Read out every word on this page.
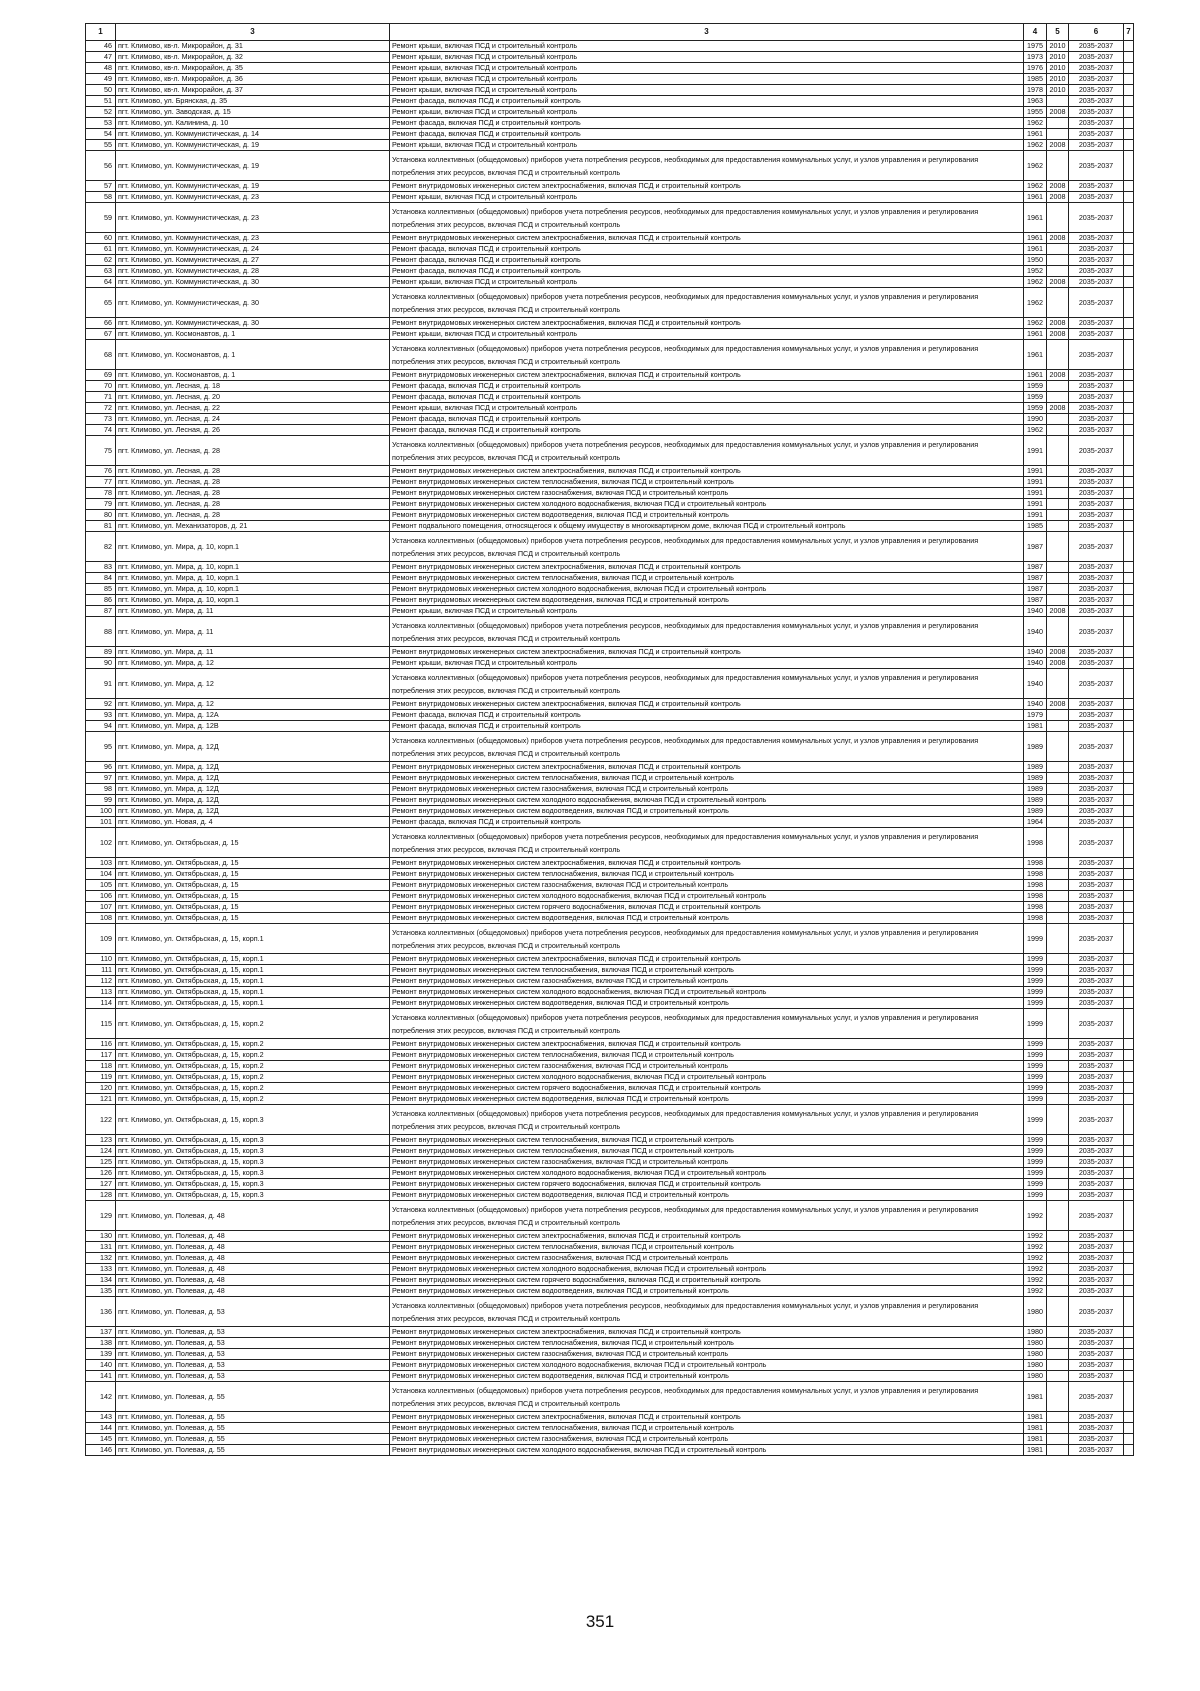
1	3	3	4	5	6	7
46	пгт. Климово, кв-л. Микрорайон, д. 31	Ремонт крыши, включая ПСД и строительный контроль	1975	2010	2035-2037	
47	пгт. Климово, кв-л. Микрорайон, д. 32	Ремонт крыши, включая ПСД и строительный контроль	1973	2010	2035-2037	
48	пгт. Климово, кв-л. Микрорайон, д. 35	Ремонт крыши, включая ПСД и строительный контроль	1976	2010	2035-2037	
49	пгт. Климово, кв-л. Микрорайон, д. 36	Ремонт крыши, включая ПСД и строительный контроль	1985	2010	2035-2037	
50	пгт. Климово, кв-л. Микрорайон, д. 37	Ремонт крыши, включая ПСД и строительный контроль	1978	2010	2035-2037	
51	пгт. Климово, ул. Брянская, д. 35	Ремонт фасада, включая ПСД и строительный контроль	1963		2035-2037	
52	пгт. Климово, ул. Заводская, д. 15	Ремонт крыши, включая ПСД и строительный контроль	1955	2008	2035-2037	
53	пгт. Климово, ул. Калинина, д. 10	Ремонт фасада, включая ПСД и строительный контроль	1962		2035-2037	
54	пгт. Климово, ул. Коммунистическая, д. 14	Ремонт фасада, включая ПСД и строительный контроль	1961		2035-2037	
55	пгт. Климово, ул. Коммунистическая, д. 19	Ремонт крыши, включая ПСД и строительный контроль	1962	2008	2035-2037	
56	пгт. Климово, ул. Коммунистическая, д. 19	Установка коллективных (общедомовых) приборов учета потребления ресурсов, необходимых для предоставления коммунальных услуг, и узлов управления и регулирования потребления этих ресурсов, включая ПСД и строительный контроль	1962		2035-2037	
57	пгт. Климово, ул. Коммунистическая, д. 19	Ремонт внутридомовых инженерных систем электроснабжения, включая ПСД и строительный контроль	1962	2008	2035-2037	
58	пгт. Климово, ул. Коммунистическая, д. 23	Ремонт крыши, включая ПСД и строительный контроль	1961	2008	2035-2037	
59	пгт. Климово, ул. Коммунистическая, д. 23	Установка коллективных (общедомовых) приборов учета потребления ресурсов, необходимых для предоставления коммунальных услуг, и узлов управления и регулирования потребления этих ресурсов, включая ПСД и строительный контроль	1961		2035-2037	
60	пгт. Климово, ул. Коммунистическая, д. 23	Ремонт внутридомовых инженерных систем электроснабжения, включая ПСД и строительный контроль	1961	2008	2035-2037	
61	пгт. Климово, ул. Коммунистическая, д. 24	Ремонт фасада, включая ПСД и строительный контроль	1961		2035-2037	
62	пгт. Климово, ул. Коммунистическая, д. 27	Ремонт фасада, включая ПСД и строительный контроль	1950		2035-2037	
63	пгт. Климово, ул. Коммунистическая, д. 28	Ремонт фасада, включая ПСД и строительный контроль	1952		2035-2037	
64	пгт. Климово, ул. Коммунистическая, д. 30	Ремонт крыши, включая ПСД и строительный контроль	1962	2008	2035-2037	
65	пгт. Климово, ул. Коммунистическая, д. 30	Установка коллективных (общедомовых) приборов учета потребления ресурсов, необходимых для предоставления коммунальных услуг, и узлов управления и регулирования потребления этих ресурсов, включая ПСД и строительный контроль	1962		2035-2037	
66	пгт. Климово, ул. Коммунистическая, д. 30	Ремонт внутридомовых инженерных систем электроснабжения, включая ПСД и строительный контроль	1962	2008	2035-2037	
67	пгт. Климово, ул. Космонавтов, д. 1	Ремонт крыши, включая ПСД и строительный контроль	1961	2008	2035-2037	
68	пгт. Климово, ул. Космонавтов, д. 1	Установка коллективных (общедомовых) приборов учета потребления ресурсов, необходимых для предоставления коммунальных услуг, и узлов управления и регулирования потребления этих ресурсов, включая ПСД и строительный контроль	1961		2035-2037	
69	пгт. Климово, ул. Космонавтов, д. 1	Ремонт внутридомовых инженерных систем электроснабжения, включая ПСД и строительный контроль	1961	2008	2035-2037	
70	пгт. Климово, ул. Лесная, д. 18	Ремонт фасада, включая ПСД и строительный контроль	1959		2035-2037	
71	пгт. Климово, ул. Лесная, д. 20	Ремонт фасада, включая ПСД и строительный контроль	1959		2035-2037	
72	пгт. Климово, ул. Лесная, д. 22	Ремонт крыши, включая ПСД и строительный контроль	1959	2008	2035-2037	
73	пгт. Климово, ул. Лесная, д. 24	Ремонт фасада, включая ПСД и строительный контроль	1990		2035-2037	
74	пгт. Климово, ул. Лесная, д. 26	Ремонт фасада, включая ПСД и строительный контроль	1962		2035-2037	
75	пгт. Климово, ул. Лесная, д. 28	Установка коллективных (общедомовых) приборов учета потребления ресурсов, необходимых для предоставления коммунальных услуг, и узлов управления и регулирования потребления этих ресурсов, включая ПСД и строительный контроль	1991		2035-2037	
76	пгт. Климово, ул. Лесная, д. 28	Ремонт внутридомовых инженерных систем электроснабжения, включая ПСД и строительный контроль	1991		2035-2037	
77	пгт. Климово, ул. Лесная, д. 28	Ремонт внутридомовых инженерных систем теплоснабжения, включая ПСД и строительный контроль	1991		2035-2037	
78	пгт. Климово, ул. Лесная, д. 28	Ремонт внутридомовых инженерных систем газоснабжения, включая ПСД и строительный контроль	1991		2035-2037	
79	пгт. Климово, ул. Лесная, д. 28	Ремонт внутридомовых инженерных систем холодного водоснабжения, включая ПСД и строительный контроль	1991		2035-2037	
80	пгт. Климово, ул. Лесная, д. 28	Ремонт внутридомовых инженерных систем водоотведения, включая ПСД и строительный контроль	1991		2035-2037	
81	пгт. Климово, ул. Механизаторов, д. 21	Ремонт подвального помещения, относящегося к общему имуществу в многоквартирном доме, включая ПСД и строительный контроль	1985		2035-2037	
82	пгт. Климово, ул. Мира, д. 10, корп.1	Установка коллективных (общедомовых) приборов учета потребления ресурсов, необходимых для предоставления коммунальных услуг, и узлов управления и регулирования потребления этих ресурсов, включая ПСД и строительный контроль	1987		2035-2037	
83	пгт. Климово, ул. Мира, д. 10, корп.1	Ремонт внутридомовых инженерных систем электроснабжения, включая ПСД и строительный контроль	1987		2035-2037	
84	пгт. Климово, ул. Мира, д. 10, корп.1	Ремонт внутридомовых инженерных систем теплоснабжения, включая ПСД и строительный контроль	1987		2035-2037	
85	пгт. Климово, ул. Мира, д. 10, корп.1	Ремонт внутридомовых инженерных систем холодного водоснабжения, включая ПСД и строительный контроль	1987		2035-2037	
86	пгт. Климово, ул. Мира, д. 10, корп.1	Ремонт внутридомовых инженерных систем водоотведения, включая ПСД и строительный контроль	1987		2035-2037	
87	пгт. Климово, ул. Мира, д. 11	Ремонт крыши, включая ПСД и строительный контроль	1940	2008	2035-2037	
88	пгт. Климово, ул. Мира, д. 11	Установка коллективных (общедомовых) приборов учета потребления ресурсов, необходимых для предоставления коммунальных услуг, и узлов управления и регулирования потребления этих ресурсов, включая ПСД и строительный контроль	1940		2035-2037	
89	пгт. Климово, ул. Мира, д. 11	Ремонт внутридомовых инженерных систем электроснабжения, включая ПСД и строительный контроль	1940	2008	2035-2037	
90	пгт. Климово, ул. Мира, д. 12	Ремонт крыши, включая ПСД и строительный контроль	1940	2008	2035-2037	
91	пгт. Климово, ул. Мира, д. 12	Установка коллективных (общедомовых) приборов учета потребления ресурсов, необходимых для предоставления коммунальных услуг, и узлов управления и регулирования потребления этих ресурсов, включая ПСД и строительный контроль	1940		2035-2037	
92	пгт. Климово, ул. Мира, д. 12	Ремонт внутридомовых инженерных систем электроснабжения, включая ПСД и строительный контроль	1940	2008	2035-2037	
93	пгт. Климово, ул. Мира, д. 12А	Ремонт фасада, включая ПСД и строительный контроль	1979		2035-2037	
94	пгт. Климово, ул. Мира, д. 12В	Ремонт фасада, включая ПСД и строительный контроль	1981		2035-2037	
95	пгт. Климово, ул. Мира, д. 12Д	Установка коллективных (общедомовых) приборов учета потребления ресурсов, необходимых для предоставления коммунальных услуг, и узлов управления и регулирования потребления этих ресурсов, включая ПСД и строительный контроль	1989		2035-2037	
96	пгт. Климово, ул. Мира, д. 12Д	Ремонт внутридомовых инженерных систем электроснабжения, включая ПСД и строительный контроль	1989		2035-2037	
97	пгт. Климово, ул. Мира, д. 12Д	Ремонт внутридомовых инженерных систем теплоснабжения, включая ПСД и строительный контроль	1989		2035-2037	
98	пгт. Климово, ул. Мира, д. 12Д	Ремонт внутридомовых инженерных систем газоснабжения, включая ПСД и строительный контроль	1989		2035-2037	
99	пгт. Климово, ул. Мира, д. 12Д	Ремонт внутридомовых инженерных систем холодного водоснабжения, включая ПСД и строительный контроль	1989		2035-2037	
100	пгт. Климово, ул. Мира, д. 12Д	Ремонт внутридомовых инженерных систем водоотведения, включая ПСД и строительный контроль	1989		2035-2037	
101	пгт. Климово, ул. Новая, д. 4	Ремонт фасада, включая ПСД и строительный контроль	1964		2035-2037	
102	пгт. Климово, ул. Октябрьская, д. 15	Установка коллективных (общедомовых) приборов учета потребления ресурсов, необходимых для предоставления коммунальных услуг, и узлов управления и регулирования потребления этих ресурсов, включая ПСД и строительный контроль	1998		2035-2037	
103	пгт. Климово, ул. Октябрьская, д. 15	Ремонт внутридомовых инженерных систем электроснабжения, включая ПСД и строительный контроль	1998		2035-2037	
104	пгт. Климово, ул. Октябрьская, д. 15	Ремонт внутридомовых инженерных систем теплоснабжения, включая ПСД и строительный контроль	1998		2035-2037	
105	пгт. Климово, ул. Октябрьская, д. 15	Ремонт внутридомовых инженерных систем газоснабжения, включая ПСД и строительный контроль	1998		2035-2037	
106	пгт. Климово, ул. Октябрьская, д. 15	Ремонт внутридомовых инженерных систем холодного водоснабжения, включая ПСД и строительный контроль	1998		2035-2037	
107	пгт. Климово, ул. Октябрьская, д. 15	Ремонт внутридомовых инженерных систем горячего водоснабжения, включая ПСД и строительный контроль	1998		2035-2037	
108	пгт. Климово, ул. Октябрьская, д. 15	Ремонт внутридомовых инженерных систем водоотведения, включая ПСД и строительный контроль	1998		2035-2037	
109	пгт. Климово, ул. Октябрьская, д. 15, корп.1	Установка коллективных (общедомовых) приборов учета потребления ресурсов, необходимых для предоставления коммунальных услуг, и узлов управления и регулирования потребления этих ресурсов, включая ПСД и строительный контроль	1999		2035-2037	
110	пгт. Климово, ул. Октябрьская, д. 15, корп.1	Ремонт внутридомовых инженерных систем электроснабжения, включая ПСД и строительный контроль	1999		2035-2037	
111	пгт. Климово, ул. Октябрьская, д. 15, корп.1	Ремонт внутридомовых инженерных систем теплоснабжения, включая ПСД и строительный контроль	1999		2035-2037	
112	пгт. Климово, ул. Октябрьская, д. 15, корп.1	Ремонт внутридомовых инженерных систем газоснабжения, включая ПСД и строительный контроль	1999		2035-2037	
113	пгт. Климово, ул. Октябрьская, д. 15, корп.1	Ремонт внутридомовых инженерных систем холодного водоснабжения, включая ПСД и строительный контроль	1999		2035-2037	
114	пгт. Климово, ул. Октябрьская, д. 15, корп.1	Ремонт внутридомовых инженерных систем водоотведения, включая ПСД и строительный контроль	1999		2035-2037	
115	пгт. Климово, ул. Октябрьская, д. 15, корп.2	Установка коллективных (общедомовых) приборов учета потребления ресурсов, необходимых для предоставления коммунальных услуг, и узлов управления и регулирования потребления этих ресурсов, включая ПСД и строительный контроль	1999		2035-2037	
116	пгт. Климово, ул. Октябрьская, д. 15, корп.2	Ремонт внутридомовых инженерных систем электроснабжения, включая ПСД и строительный контроль	1999		2035-2037	
117	пгт. Климово, ул. Октябрьская, д. 15, корп.2	Ремонт внутридомовых инженерных систем теплоснабжения, включая ПСД и строительный контроль	1999		2035-2037	
118	пгт. Климово, ул. Октябрьская, д. 15, корп.2	Ремонт внутридомовых инженерных систем газоснабжения, включая ПСД и строительный контроль	1999		2035-2037	
119	пгт. Климово, ул. Октябрьская, д. 15, корп.2	Ремонт внутридомовых инженерных систем холодного водоснабжения, включая ПСД и строительный контроль	1999		2035-2037	
120	пгт. Климово, ул. Октябрьская, д. 15, корп.2	Ремонт внутридомовых инженерных систем горячего водоснабжения, включая ПСД и строительный контроль	1999		2035-2037	
121	пгт. Климово, ул. Октябрьская, д. 15, корп.2	Ремонт внутридомовых инженерных систем водоотведения, включая ПСД и строительный контроль	1999		2035-2037	
122	пгт. Климово, ул. Октябрьская, д. 15, корп.3	Установка коллективных (общедомовых) приборов учета потребления ресурсов, необходимых для предоставления коммунальных услуг, и узлов управления и регулирования потребления этих ресурсов, включая ПСД и строительный контроль	1999		2035-2037	
123	пгт. Климово, ул. Октябрьская, д. 15, корп.3	Ремонт внутридомовых инженерных систем теплоснабжения, включая ПСД и строительный контроль	1999		2035-2037	
124	пгт. Климово, ул. Октябрьская, д. 15, корп.3	Ремонт внутридомовых инженерных систем теплоснабжения, включая ПСД и строительный контроль	1999		2035-2037	
125	пгт. Климово, ул. Октябрьская, д. 15, корп.3	Ремонт внутридомовых инженерных систем газоснабжения, включая ПСД и строительный контроль	1999		2035-2037	
126	пгт. Климово, ул. Октябрьская, д. 15, корп.3	Ремонт внутридомовых инженерных систем холодного водоснабжения, включая ПСД и строительный контроль	1999		2035-2037	
127	пгт. Климово, ул. Октябрьская, д. 15, корп.3	Ремонт внутридомовых инженерных систем горячего водоснабжения, включая ПСД и строительный контроль	1999		2035-2037	
128	пгт. Климово, ул. Октябрьская, д. 15, корп.3	Ремонт внутридомовых инженерных систем водоотведения, включая ПСД и строительный контроль	1999		2035-2037	
129	пгт. Климово, ул. Полевая, д. 48	Установка коллективных (общедомовых) приборов учета потребления ресурсов, необходимых для предоставления коммунальных услуг, и узлов управления и регулирования потребления этих ресурсов, включая ПСД и строительный контроль	1992		2035-2037	
130	пгт. Климово, ул. Полевая, д. 48	Ремонт внутридомовых инженерных систем электроснабжения, включая ПСД и строительный контроль	1992		2035-2037	
131	пгт. Климово, ул. Полевая, д. 48	Ремонт внутридомовых инженерных систем теплоснабжения, включая ПСД и строительный контроль	1992		2035-2037	
132	пгт. Климово, ул. Полевая, д. 48	Ремонт внутридомовых инженерных систем газоснабжения, включая ПСД и строительный контроль	1992		2035-2037	
133	пгт. Климово, ул. Полевая, д. 48	Ремонт внутридомовых инженерных систем холодного водоснабжения, включая ПСД и строительный контроль	1992		2035-2037	
134	пгт. Климово, ул. Полевая, д. 48	Ремонт внутридомовых инженерных систем горячего водоснабжения, включая ПСД и строительный контроль	1992		2035-2037	
135	пгт. Климово, ул. Полевая, д. 48	Ремонт внутридомовых инженерных систем водоотведения, включая ПСД и строительный контроль	1992		2035-2037	
136	пгт. Климово, ул. Полевая, д. 53	Установка коллективных (общедомовых) приборов учета потребления ресурсов, необходимых для предоставления коммунальных услуг, и узлов управления и регулирования потребления этих ресурсов, включая ПСД и строительный контроль	1980		2035-2037	
137	пгт. Климово, ул. Полевая, д. 53	Ремонт внутридомовых инженерных систем электроснабжения, включая ПСД и строительный контроль	1980		2035-2037	
138	пгт. Климово, ул. Полевая, д. 53	Ремонт внутридомовых инженерных систем теплоснабжения, включая ПСД и строительный контроль	1980		2035-2037	
139	пгт. Климово, ул. Полевая, д. 53	Ремонт внутридомовых инженерных систем газоснабжения, включая ПСД и строительный контроль	1980		2035-2037	
140	пгт. Климово, ул. Полевая, д. 53	Ремонт внутридомовых инженерных систем холодного водоснабжения, включая ПСД и строительный контроль	1980		2035-2037	
141	пгт. Климово, ул. Полевая, д. 53	Ремонт внутридомовых инженерных систем водоотведения, включая ПСД и строительный контроль	1980		2035-2037	
142	пгт. Климово, ул. Полевая, д. 55	Установка коллективных (общедомовых) приборов учета потребления ресурсов, необходимых для предоставления коммунальных услуг, и узлов управления и регулирования потребления этих ресурсов, включая ПСД и строительный контроль	1981		2035-2037	
143	пгт. Климово, ул. Полевая, д. 55	Ремонт внутридомовых инженерных систем электроснабжения, включая ПСД и строительный контроль	1981		2035-2037	
144	пгт. Климово, ул. Полевая, д. 55	Ремонт внутридомовых инженерных систем теплоснабжения, включая ПСД и строительный контроль	1981		2035-2037	
145	пгт. Климово, ул. Полевая, д. 55	Ремонт внутридомовых инженерных систем газоснабжения, включая ПСД и строительный контроль	1981		2035-2037	
146	пгт. Климово, ул. Полевая, д. 55	Ремонт внутридомовых инженерных систем холодного водоснабжения, включая ПСД и строительный контроль	1981		2035-2037	
351
